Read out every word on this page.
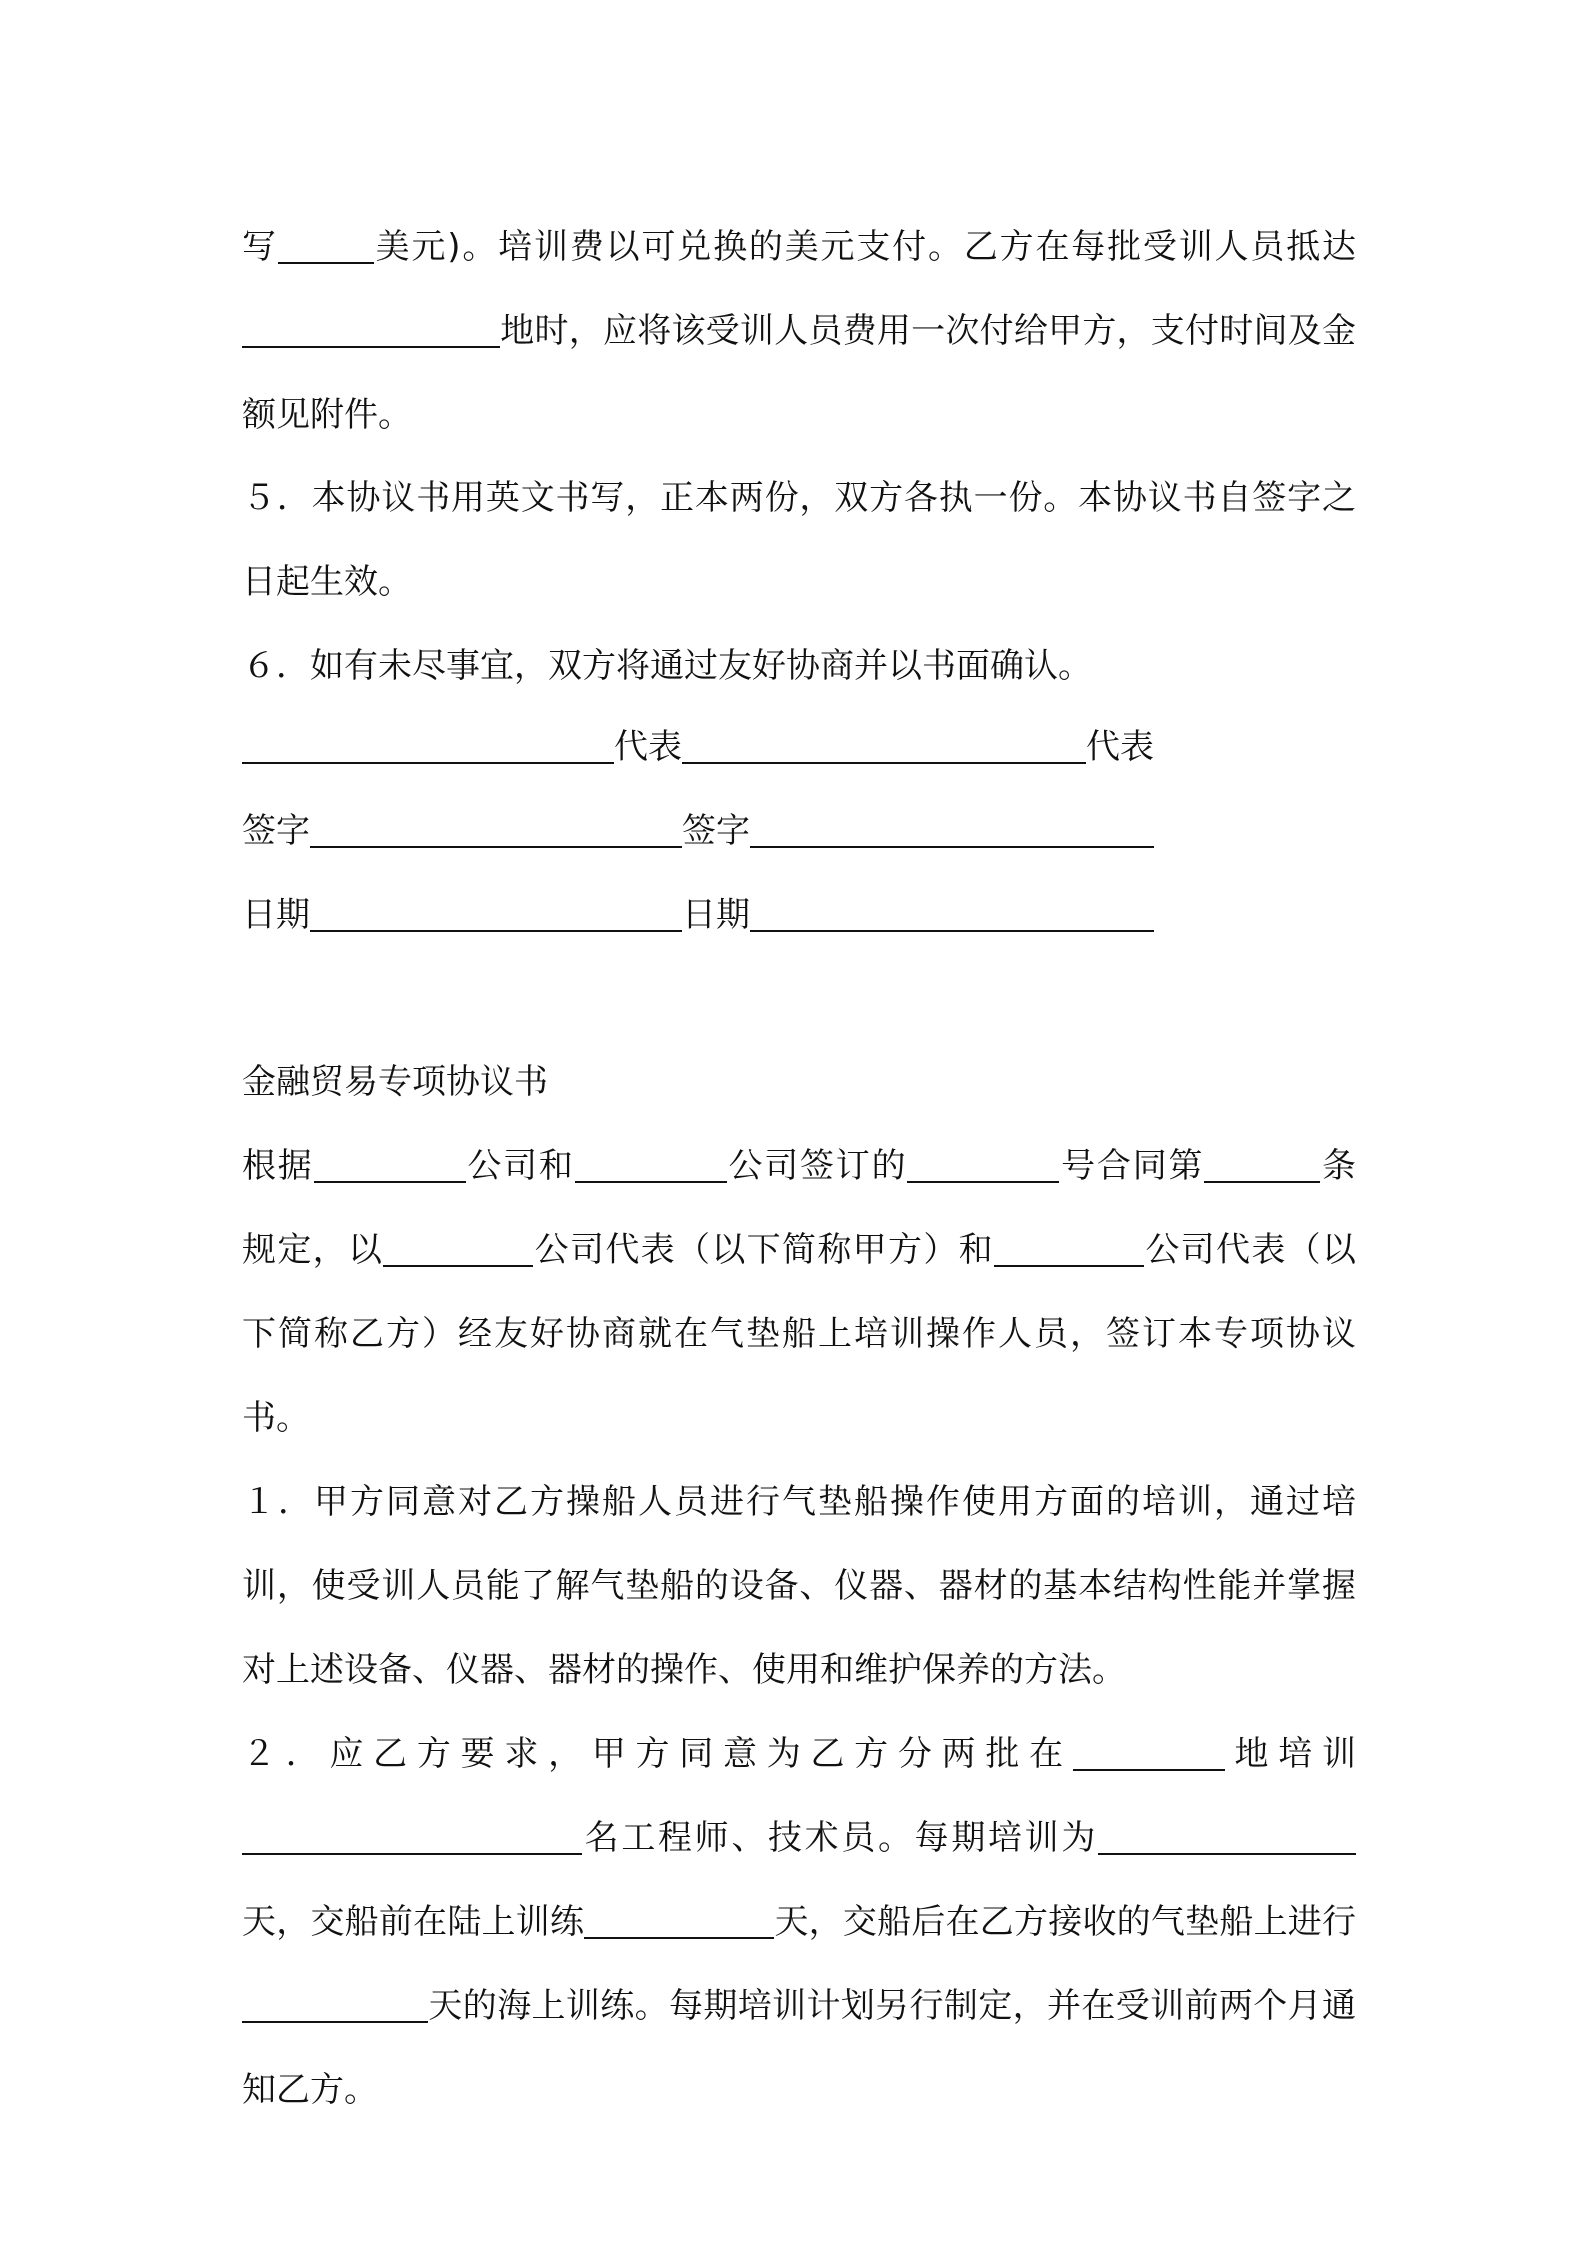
写	美元)。培训费以可兑换的美元支付。乙方在每批受训人员抵达地时，应将该受训人员费用一次付给甲方，支付时间及金额见附件。
５．本协议书用英文书写，正本两份，双方各执一份。本协议书自签字之日起生效。
６．如有未尽事宜，双方将通过友好协商并以书面确认。
代表	代表
签字	签字
日期	日期
金融贸易专项协议书
根据	公司和	公司签订的	号合同第	条规定，以	公司代表（以下简称甲方）和	公司代表（以下简称乙方）经友好协商就在气垫船上培训操作人员，签订本专项协议书。
１．甲方同意对乙方操船人员进行气垫船操作使用方面的培训，通过培训，使受训人员能了解气垫船的设备、仪器、器材的基本结构性能并掌握对上述设备、仪器、器材的操作、使用和维护保养的方法。
２．应乙方要求，甲方同意为乙方分两批在	地培训名工程师、技术员。每期培训为天，交船前在陆上训练	天，交船后在乙方接收的气垫船上进行天的海上训练。每期培训计划另行制定，并在受训前两个月通知乙方。
